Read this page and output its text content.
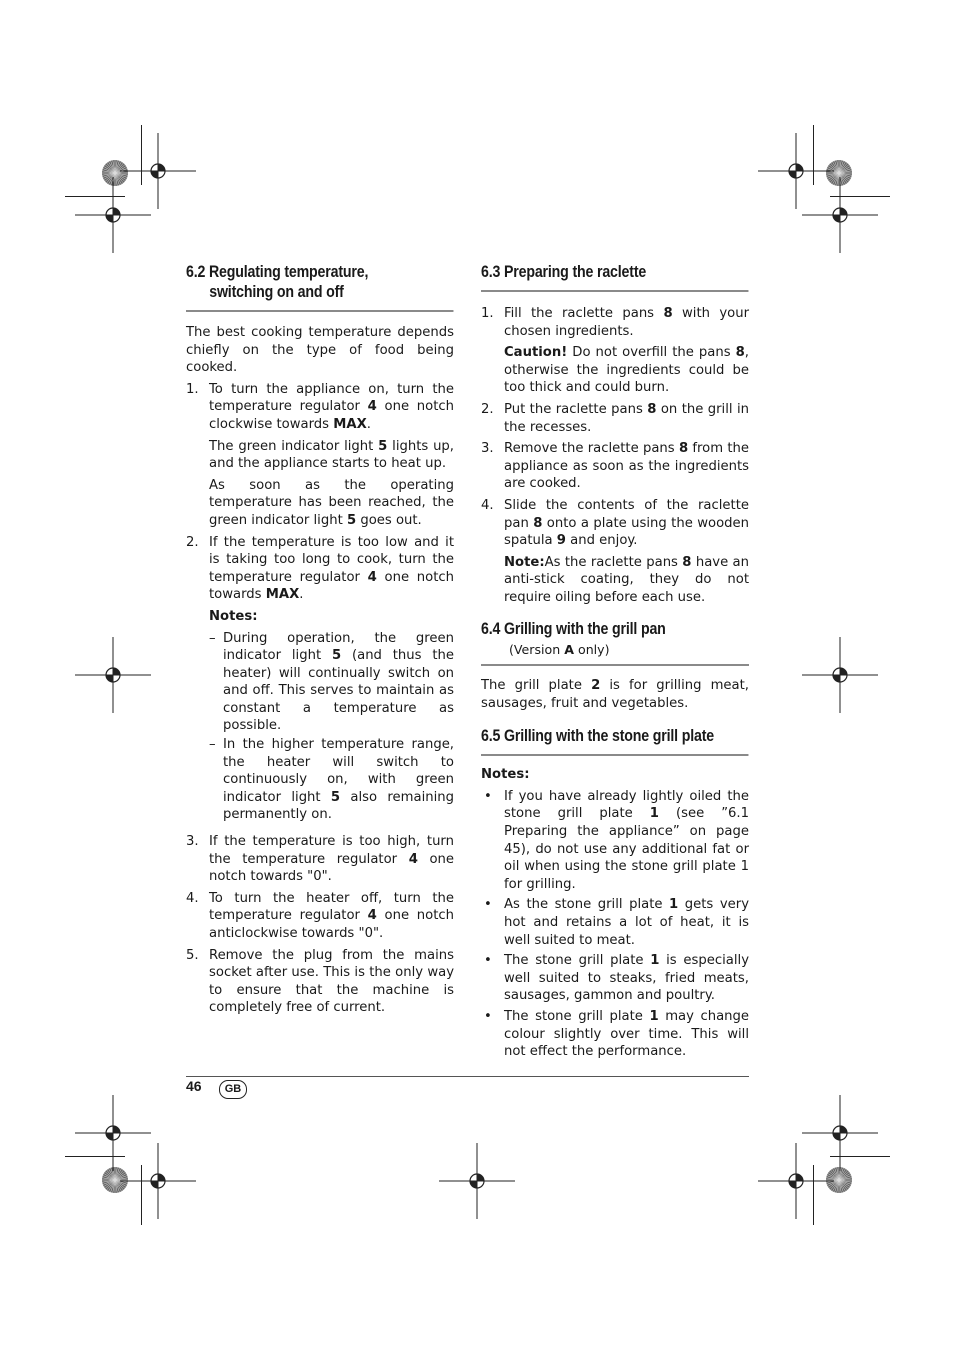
6.2 Regulating temperature,
switching on and off

The best cooking temperature depends chiefly on the type of food being cooked.

1. To turn the appliance on, turn the temperature regulator 4 one notch clockwise towards MAX.

The green indicator light 5 lights up, and the appliance starts to heat up.

As soon as the operating temperature has been reached, the green indicator light 5 goes out.

2. If the temperature is too low and it is taking too long to cook, turn the temperature regulator 4 one notch towards MAX.

Notes:
– During operation, the green indicator light 5 (and thus the heater) will continually switch on and off. This serves to maintain as constant a temperature as possible.
– In the higher temperature range, the heater will switch to continuously on, with green indicator light 5 also remaining permanently on.
3. If the temperature is too high, turn the temperature regulator 4 one notch towards "0".

4. To turn the heater off, turn the temperature regulator 4 one notch anticlockwise towards "0".

5. Remove the plug from the mains socket after use. This is the only way to ensure that the machine is completely free of current.

6.3 Preparing the raclette
1. Fill the raclette pans 8 with your chosen ingredients.

Caution! Do not overfill the pans 8, otherwise the ingredients could be too thick and could burn.

2. Put the raclette pans 8 on the grill in the recesses.

3. Remove the raclette pans 8 from the appliance as soon as the ingredients are cooked.

4. Slide the contents of the raclette pan 8 onto a plate using the wooden spatula 9 and enjoy.

Note:As the raclette pans 8 have an anti-stick coating, they do not require oiling before each use.

6.4 Grilling with the grill pan
(Version A only)

The grill plate 2 is for grilling meat, sausages, fruit and vegetables.

6.5 Grilling with the stone grill plate
Notes:
• If you have already lightly oiled the stone grill plate 1 (see ”6.1 Preparing the appliance” on page 45), do not use any additional fat or oil when using the stone grill plate 1 for grilling.
• As the stone grill plate 1 gets very hot and retains a lot of heat, it is well suited to meat.
• The stone grill plate 1 is especially well suited to steaks, fried meats, sausages, gammon and poultry.
• The stone grill plate 1 may change colour slightly over time. This will not effect the performance.
46	GB
